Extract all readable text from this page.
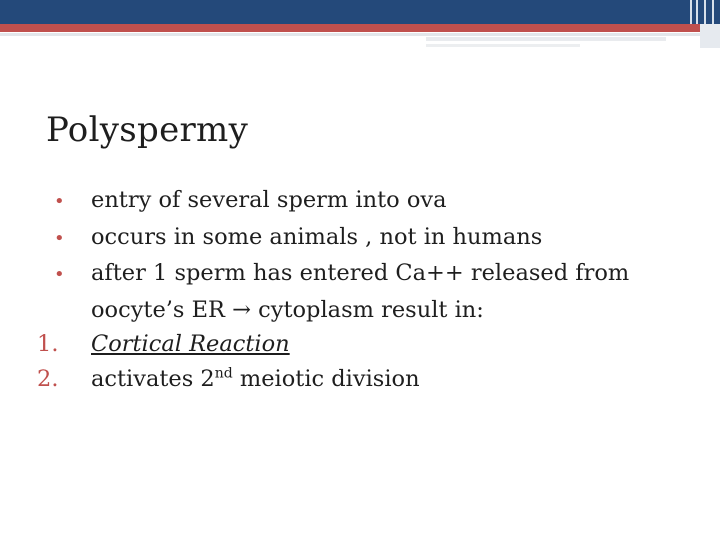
Polyspermy
•	entry of several sperm into ova
•	occurs in some animals , not in humans
•	after 1 sperm has entered Ca++ released from
oocyte’s ER → cytoplasm result in:
1.	Cortical Reaction
2.	activates 2nd meiotic division
